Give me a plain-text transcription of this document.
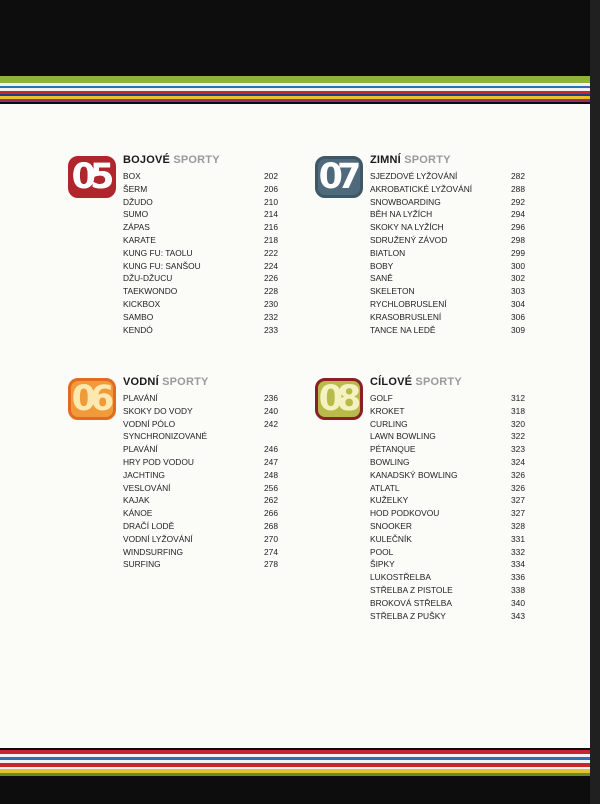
05 BOJOVÉ SPORTY
BOX	202
ŠERM	206
DŽUDO	210
SUMO	214
ZÁPAS	216
KARATE	218
KUNG FU: TAOLU	222
KUNG FU: SANŠOU	224
DŽU-DŽUCU	226
TAEKWONDO	228
KICKBOX	230
SAMBO	232
KENDÓ	233
07 ZIMNÍ SPORTY
SJEZDOVÉ LYŽOVÁNÍ	282
AKROBATICKÉ LYŽOVÁNÍ	288
SNOWBOARDING	292
BĚH NA LYŽÍCH	294
SKOKY NA LYŽÍCH	296
SDRUŽENÝ ZÁVOD	298
BIATLON	299
BOBY	300
SANĚ	302
SKELETON	303
RYCHLOBRUSLENÍ	304
KRASOBRUSLENÍ	306
TANCE NA LEDĚ	309
06 VODNÍ SPORTY
PLAVÁNÍ	236
SKOKY DO VODY	240
VODNÍ PÓLO	242
SYNCHRONIZOVANÉ
PLAVÁNÍ	246
HRY POD VODOU	247
JACHTING	248
VESLOVÁNÍ	256
KAJAK	262
KÁNOE	266
DRAČÍ LODĚ	268
VODNÍ LYŽOVÁNÍ	270
WINDSURFING	274
SURFING	278
08 CÍLOVÉ SPORTY
GOLF	312
KROKET	318
CURLING	320
LAWN BOWLING	322
PÉTANQUE	323
BOWLING	324
KANADSKÝ BOWLING	326
ATLATL	326
KUŽELKY	327
HOD PODKOVOU	327
SNOOKER	328
KULEČNÍK	331
POOL	332
ŠIPKY	334
LUKOSTŘELBA	336
STŘELBA Z PISTOLE	338
BROKOVÁ STŘELBA	340
STŘELBA Z PUŠKY	343
